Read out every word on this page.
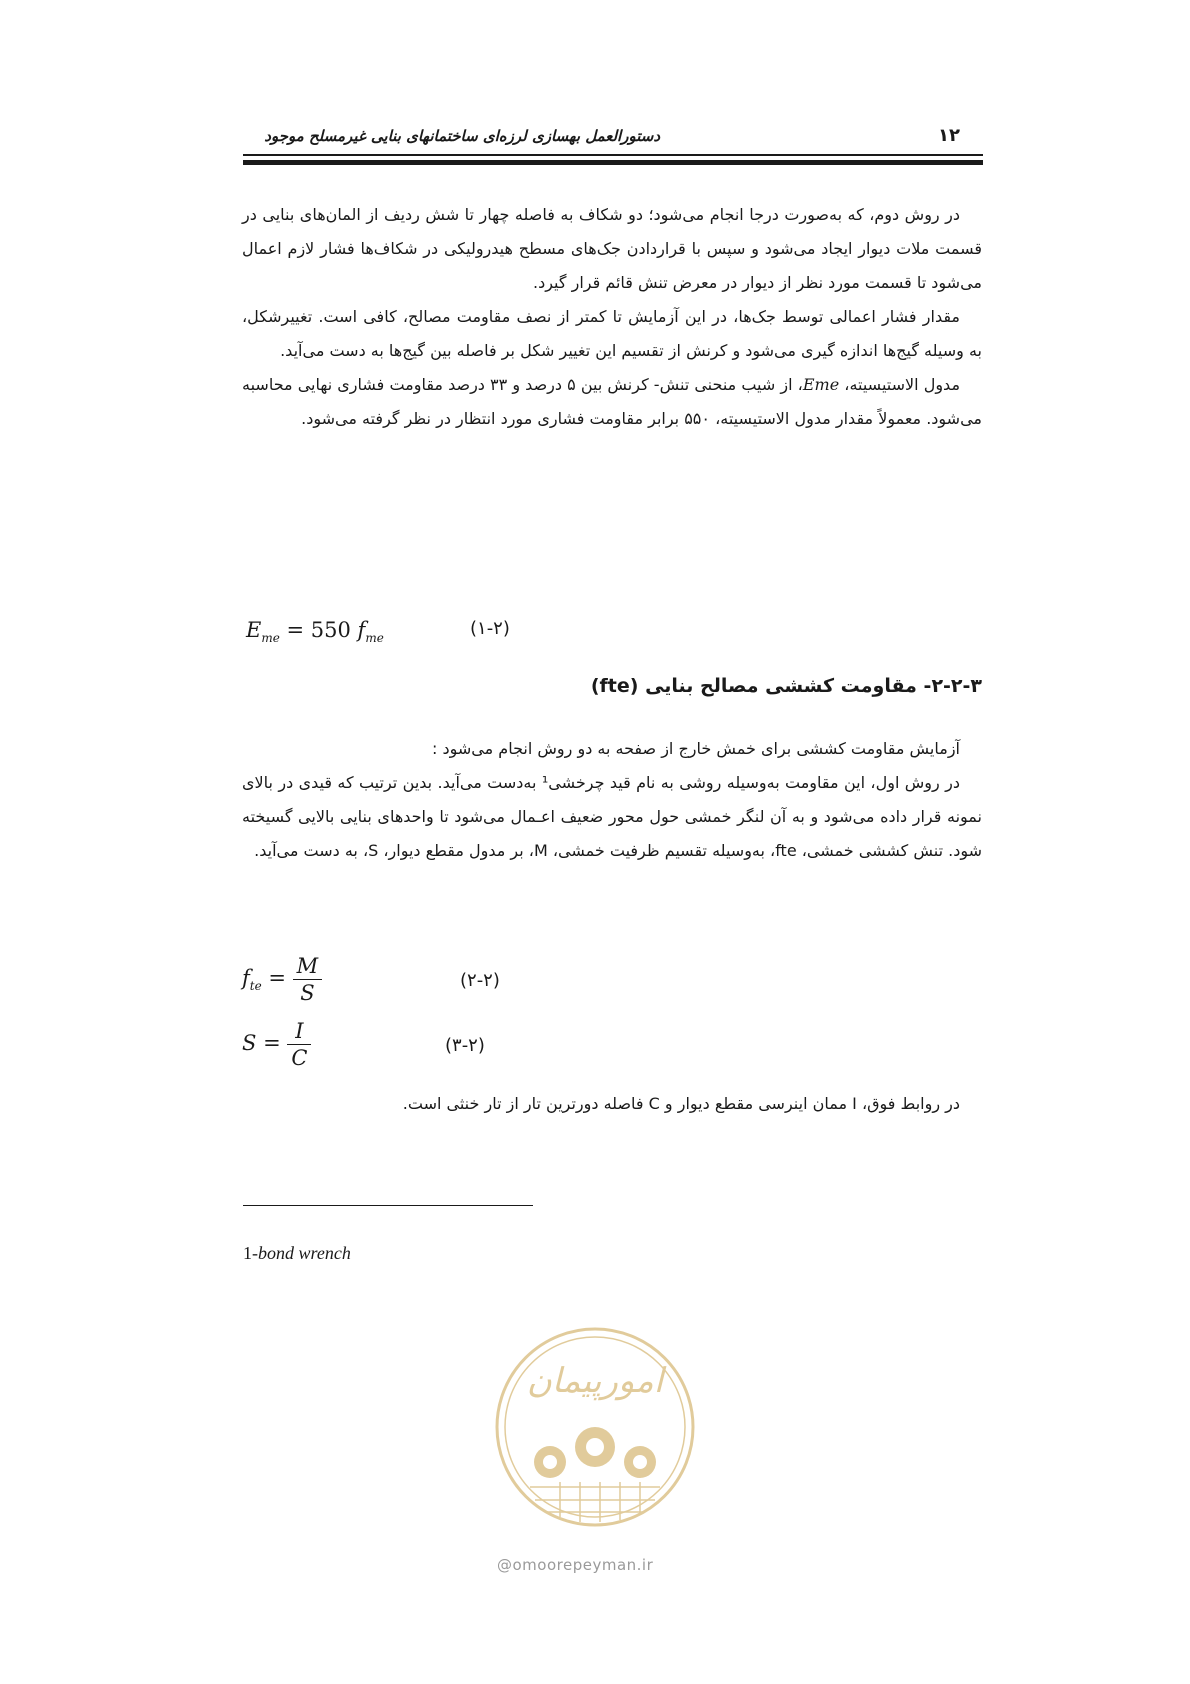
دستورالعمل بهسازی لرزه‌ای ساختمانهای بنایی غیرمسلح موجود	۱۲

در روش دوم، که به‌صورت درجا انجام می‌شود؛ دو شکاف به فاصله چهار تا شش ردیف از المان‌های بنایی در قسمت ملات دیوار ایجاد می‌شود و سپس با قراردادن جک‌های مسطح هیدرولیکی در شکاف‌ها فشار لازم اعمال می‌شود تا قسمت مورد نظر از دیوار در معرض تنش قائم قرار گیرد.

مقدار فشار اعمالی توسط جک‌ها، در این آزمایش تا کمتر از نصف مقاومت مصالح، کافی است. تغییرشکل، به وسیله گیج‌ها اندازه گیری می‌شود و کرنش از تقسیم این تغییر شکل بر فاصله بین گیج‌ها به دست می‌آید.

مدول الاستیسیته، Eme، از شیب منحنی تنش- کرنش بین ۵ درصد و ۳۳ درصد مقاومت فشاری نهایی محاسبه می‌شود. معمولاً مقدار مدول الاستیسیته، ۵۵۰ برابر مقاومت فشاری مورد انتظار در نظر گرفته می‌شود.

$E_{me} = 550$ $f_{me}$	(۱-۲)
۲-۲-۳- مقاومت کششی مصالح بنایی (fte)

آزمایش مقاومت کششی برای خمش خارج از صفحه به دو روش انجام می‌شود :

در روش اول، این مقاومت به‌وسیله روشی به نام قید چرخشی¹ به‌دست می‌آید. بدین ترتیب که قیدی در بالای نمونه قرار داده می‌شود و به آن لنگر خمشی حول محور ضعیف اعـمال می‌شود تا واحدهای بنایی بالایی گسیخته شود. تنش کششی خمشی، fte، به‌وسیله تقسیم ظرفیت خمشی، M، بر مدول مقطع دیوار، S، به دست می‌آید.

$f_{te} = \frac{M}{S}$	(۲-۲)
$S = \frac{I}{C}$	(۳-۲)

در روابط فوق، I ممان اینرسی مقطع دیوار و C فاصله دورترین تار از تار خنثی است.

1-bond wrench
امورپیمان
@omoorepeyman.ir
